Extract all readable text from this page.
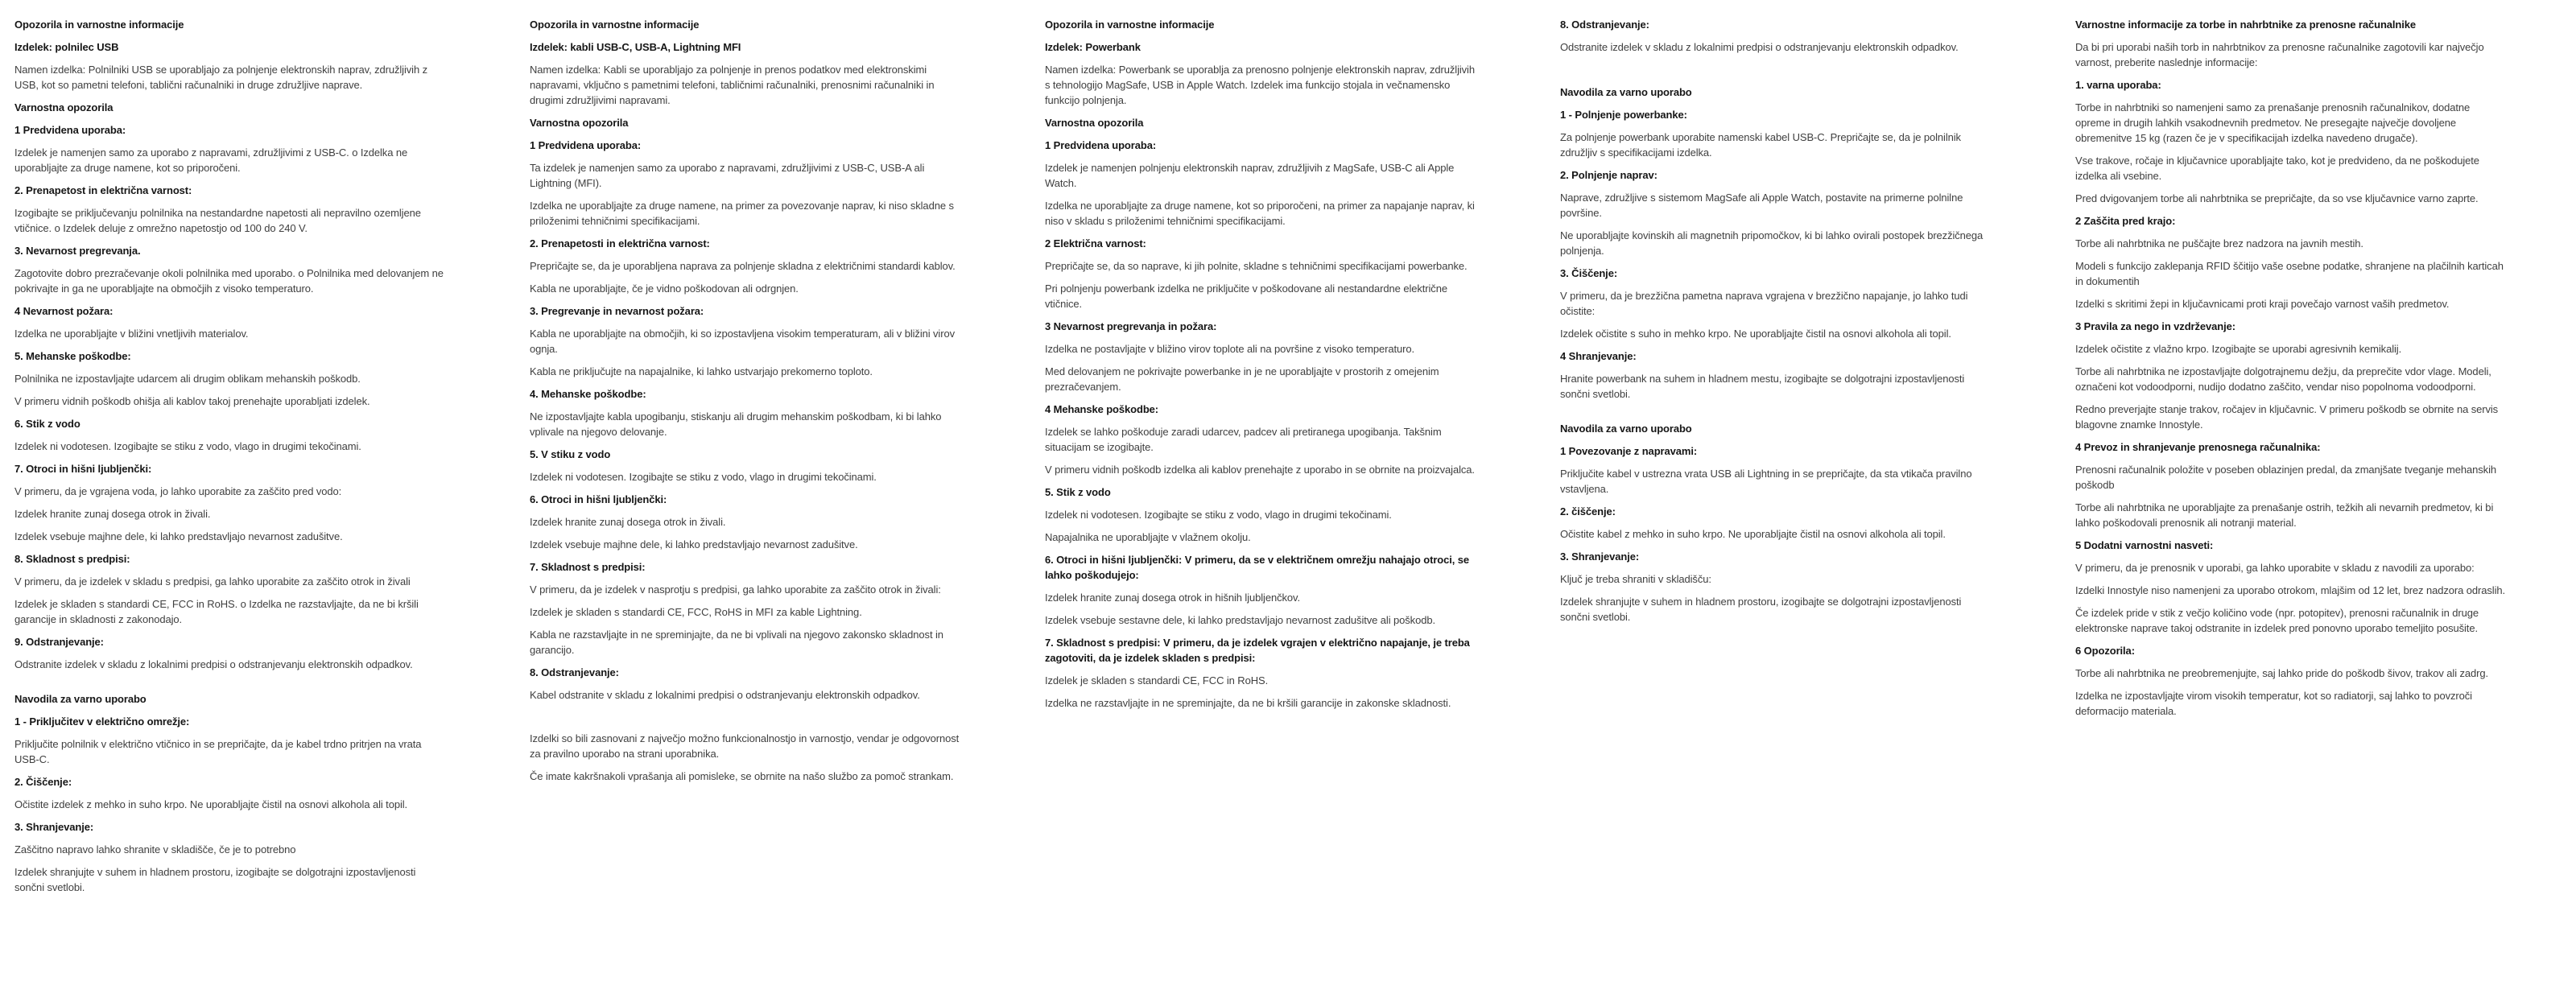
Opozorila in varnostne informacije
Izdelek: polnilec USB

Namen izdelka: Polnilniki USB se uporabljajo za polnjenje elektronskih naprav, združljivih z USB, kot so pametni telefoni, tablični računalniki in druge združljive naprave.

Varnostna opozorila
1 Predvidena uporaba:

Izdelek je namenjen samo za uporabo z napravami, združljivimi z USB-C. o Izdelka ne uporabljajte za druge namene, kot so priporočeni.

2. Prenapetost in električna varnost:

Izogibajte se priključevanju polnilnika na nestandardne napetosti ali nepravilno ozemljene vtičnice. o Izdelek deluje z omrežno napetostjo od 100 do 240 V.

3. Nevarnost pregrevanja.

Zagotovite dobro prezračevanje okoli polnilnika med uporabo. o Polnilnika med delovanjem ne pokrivajte in ga ne uporabljajte na območjih z visoko temperaturo.

4 Nevarnost požara:

Izdelka ne uporabljajte v bližini vnetljivih materialov.

5. Mehanske poškodbe:

Polnilnika ne izpostavljajte udarcem ali drugim oblikam mehanskih poškodb.

V primeru vidnih poškodb ohišja ali kablov takoj prenehajte uporabljati izdelek.

6. Stik z vodo

Izdelek ni vodotesen. Izogibajte se stiku z vodo, vlago in drugimi tekočinami.

7. Otroci in hišni ljubljenčki:

V primeru, da je vgrajena voda, jo lahko uporabite za zaščito pred vodo:

Izdelek hranite zunaj dosega otrok in živali.

Izdelek vsebuje majhne dele, ki lahko predstavljajo nevarnost zadušitve.

8. Skladnost s predpisi:

V primeru, da je izdelek v skladu s predpisi, ga lahko uporabite za zaščito otrok in živali

Izdelek je skladen s standardi CE, FCC in RoHS. o Izdelka ne razstavljajte, da ne bi kršili garancije in skladnosti z zakonodajo.

9. Odstranjevanje:

Odstranite izdelek v skladu z lokalnimi predpisi o odstranjevanju elektronskih odpadkov.

Navodila za varno uporabo
1 - Priključitev v električno omrežje:

Priključite polnilnik v električno vtičnico in se prepričajte, da je kabel trdno pritrjen na vrata USB-C.

2. Čiščenje:

Očistite izdelek z mehko in suho krpo. Ne uporabljajte čistil na osnovi alkohola ali topil.

3. Shranjevanje:

Zaščitno napravo lahko shranite v skladišče, če je to potrebno

Izdelek shranjujte v suhem in hladnem prostoru, izogibajte se dolgotrajni izpostavljenosti sončni svetlobi.

Opozorila in varnostne informacije
Izdelek: kabli USB-C, USB-A, Lightning MFI

Namen izdelka: Kabli se uporabljajo za polnjenje in prenos podatkov med elektronskimi napravami, vključno s pametnimi telefoni, tabličnimi računalniki, prenosnimi računalniki in drugimi združljivimi napravami.

Varnostna opozorila
1 Predvidena uporaba:

Ta izdelek je namenjen samo za uporabo z napravami, združljivimi z USB-C, USB-A ali Lightning (MFI).

Izdelka ne uporabljajte za druge namene, na primer za povezovanje naprav, ki niso skladne s priloženimi tehničnimi specifikacijami.

2. Prenapetosti in električna varnost:

Prepričajte se, da je uporabljena naprava za polnjenje skladna z električnimi standardi kablov.

Kabla ne uporabljajte, če je vidno poškodovan ali odrgnjen.

3. Pregrevanje in nevarnost požara:

Kabla ne uporabljajte na območjih, ki so izpostavljena visokim temperaturam, ali v bližini virov ognja.

Kabla ne priključujte na napajalnike, ki lahko ustvarjajo prekomerno toploto.

4. Mehanske poškodbe:

Ne izpostavljajte kabla upogibanju, stiskanju ali drugim mehanskim poškodbam, ki bi lahko vplivale na njegovo delovanje.

5. V stiku z vodo

Izdelek ni vodotesen. Izogibajte se stiku z vodo, vlago in drugimi tekočinami.

6. Otroci in hišni ljubljenčki:

Izdelek hranite zunaj dosega otrok in živali.

Izdelek vsebuje majhne dele, ki lahko predstavljajo nevarnost zadušitve.

7. Skladnost s predpisi:

V primeru, da je izdelek v nasprotju s predpisi, ga lahko uporabite za zaščito otrok in živali:

Izdelek je skladen s standardi CE, FCC, RoHS in MFI za kable Lightning.

Kabla ne razstavljajte in ne spreminjajte, da ne bi vplivali na njegovo zakonsko skladnost in garancijo.

8. Odstranjevanje:

Kabel odstranite v skladu z lokalnimi predpisi o odstranjevanju elektronskih odpadkov.

Izdelki so bili zasnovani z največjo možno funkcionalnostjo in varnostjo, vendar je odgovornost za pravilno uporabo na strani uporabnika.

Če imate kakršnakoli vprašanja ali pomisleke, se obrnite na našo službo za pomoč strankam.

Opozorila in varnostne informacije
Izdelek: Powerbank

Namen izdelka: Powerbank se uporablja za prenosno polnjenje elektronskih naprav, združljivih s tehnologijo MagSafe, USB in Apple Watch. Izdelek ima funkcijo stojala in večnamensko funkcijo polnjenja.

Varnostna opozorila
1 Predvidena uporaba:

Izdelek je namenjen polnjenju elektronskih naprav, združljivih z MagSafe, USB-C ali Apple Watch.

Izdelka ne uporabljajte za druge namene, kot so priporočeni, na primer za napajanje naprav, ki niso v skladu s priloženimi tehničnimi specifikacijami.

2 Električna varnost:

Prepričajte se, da so naprave, ki jih polnite, skladne s tehničnimi specifikacijami powerbanke.

Pri polnjenju powerbank izdelka ne priključite v poškodovane ali nestandardne električne vtičnice.

3 Nevarnost pregrevanja in požara:

Izdelka ne postavljajte v bližino virov toplote ali na površine z visoko temperaturo.

Med delovanjem ne pokrivajte powerbanke in je ne uporabljajte v prostorih z omejenim prezračevanjem.

4 Mehanske poškodbe:

Izdelek se lahko poškoduje zaradi udarcev, padcev ali pretiranega upogibanja. Takšnim situacijam se izogibajte.

V primeru vidnih poškodb izdelka ali kablov prenehajte z uporabo in se obrnite na proizvajalca.

5. Stik z vodo

Izdelek ni vodotesen. Izogibajte se stiku z vodo, vlago in drugimi tekočinami.

Napajalnika ne uporabljajte v vlažnem okolju.

6. Otroci in hišni ljubljenčki: V primeru, da se v električnem omrežju nahajajo otroci, se lahko poškodujejo:

Izdelek hranite zunaj dosega otrok in hišnih ljubljenčkov.

Izdelek vsebuje sestavne dele, ki lahko predstavljajo nevarnost zadušitve ali poškodb.

7. Skladnost s predpisi: V primeru, da je izdelek vgrajen v električno napajanje, je treba zagotoviti, da je izdelek skladen s predpisi:

Izdelek je skladen s standardi CE, FCC in RoHS.

Izdelka ne razstavljajte in ne spreminjajte, da ne bi kršili garancije in zakonske skladnosti.

8. Odstranjevanje:

Odstranite izdelek v skladu z lokalnimi predpisi o odstranjevanju elektronskih odpadkov.

Navodila za varno uporabo
1 - Polnjenje powerbanke:

Za polnjenje powerbank uporabite namenski kabel USB-C. Prepričajte se, da je polnilnik združljiv s specifikacijami izdelka.

2. Polnjenje naprav:

Naprave, združljive s sistemom MagSafe ali Apple Watch, postavite na primerne polnilne površine.

Ne uporabljajte kovinskih ali magnetnih pripomočkov, ki bi lahko ovirali postopek brezžičnega polnjenja.

3. Čiščenje:

V primeru, da je brezžična pametna naprava vgrajena v brezžično napajanje, jo lahko tudi očistite:

Izdelek očistite s suho in mehko krpo. Ne uporabljajte čistil na osnovi alkohola ali topil.

4 Shranjevanje:

Hranite powerbank na suhem in hladnem mestu, izogibajte se dolgotrajni izpostavljenosti sončni svetlobi.

Navodila za varno uporabo
1 Povezovanje z napravami:

Priključite kabel v ustrezna vrata USB ali Lightning in se prepričajte, da sta vtikača pravilno vstavljena.

2. čiščenje:

Očistite kabel z mehko in suho krpo. Ne uporabljajte čistil na osnovi alkohola ali topil.

3. Shranjevanje:

Ključ je treba shraniti v skladišču:

Izdelek shranjujte v suhem in hladnem prostoru, izogibajte se dolgotrajni izpostavljenosti sončni svetlobi.

Varnostne informacije za torbe in nahrbtnike za prenosne računalnike

Da bi pri uporabi naših torb in nahrbtnikov za prenosne računalnike zagotovili kar največjo varnost, preberite naslednje informacije:

1. varna uporaba:

Torbe in nahrbtniki so namenjeni samo za prenašanje prenosnih računalnikov, dodatne opreme in drugih lahkih vsakodnevnih predmetov. Ne presegajte največje dovoljene obremenitve 15 kg (razen če je v specifikacijah izdelka navedeno drugače).

Vse trakove, ročaje in ključavnice uporabljajte tako, kot je predvideno, da ne poškodujete izdelka ali vsebine.

Pred dvigovanjem torbe ali nahrbtnika se prepričajte, da so vse ključavnice varno zaprte.

2 Zaščita pred krajo:

Torbe ali nahrbtnika ne puščajte brez nadzora na javnih mestih.

Modeli s funkcijo zaklepanja RFID ščitijo vaše osebne podatke, shranjene na plačilnih karticah in dokumentih

Izdelki s skritimi žepi in ključavnicami proti kraji povečajo varnost vaših predmetov.

3 Pravila za nego in vzdrževanje:

Izdelek očistite z vlažno krpo. Izogibajte se uporabi agresivnih kemikalij.

Torbe ali nahrbtnika ne izpostavljajte dolgotrajnemu dežju, da preprečite vdor vlage. Modeli, označeni kot vodoodporni, nudijo dodatno zaščito, vendar niso popolnoma vodoodporni.

Redno preverjajte stanje trakov, ročajev in ključavnic. V primeru poškodb se obrnite na servis blagovne znamke Innostyle.

4 Prevoz in shranjevanje prenosnega računalnika:

Prenosni računalnik položite v poseben oblazinjen predal, da zmanjšate tveganje mehanskih poškodb

Torbe ali nahrbtnika ne uporabljajte za prenašanje ostrih, težkih ali nevarnih predmetov, ki bi lahko poškodovali prenosnik ali notranji material.

5 Dodatni varnostni nasveti:

V primeru, da je prenosnik v uporabi, ga lahko uporabite v skladu z navodili za uporabo:

Izdelki Innostyle niso namenjeni za uporabo otrokom, mlajšim od 12 let, brez nadzora odraslih.

Če izdelek pride v stik z večjo količino vode (npr. potopitev), prenosni računalnik in druge elektronske naprave takoj odstranite in izdelek pred ponovno uporabo temeljito posušite.

6 Opozorila:

Torbe ali nahrbtnika ne preobremenjujte, saj lahko pride do poškodb šivov, trakov ali zadrg.

Izdelka ne izpostavljajte virom visokih temperatur, kot so radiatorji, saj lahko to povzroči deformacijo materiala.
